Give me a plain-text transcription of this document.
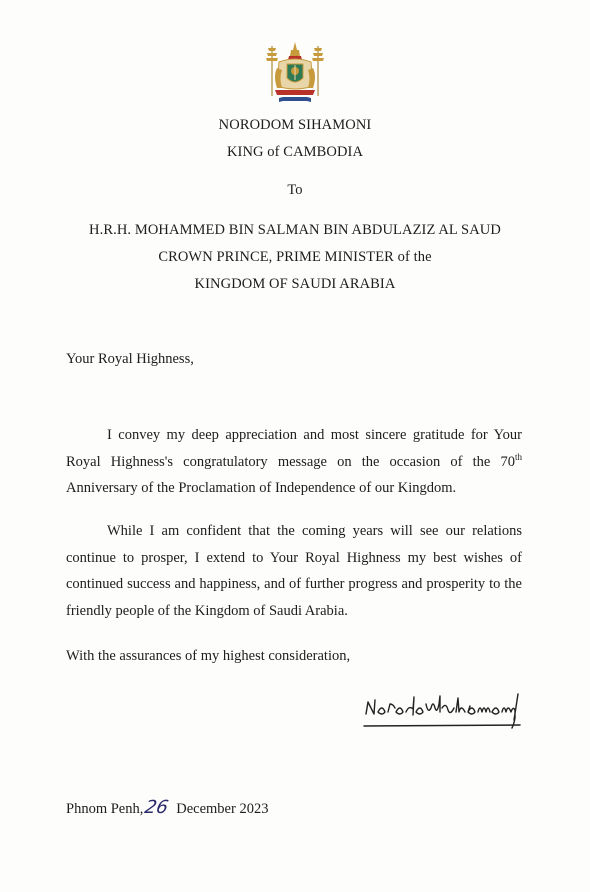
NORODOM SIHAMONI
KING of CAMBODIA
To
H.R.H. MOHAMMED BIN SALMAN BIN ABDULAZIZ AL SAUD
CROWN PRINCE, PRIME MINISTER of the
KINGDOM OF SAUDI ARABIA
Your Royal Highness,

I convey my deep appreciation and most sincere gratitude for Your Royal Highness's congratulatory message on the occasion of the 70th Anniversary of the Proclamation of Independence of our Kingdom.

While I am confident that the coming years will see our relations continue to prosper, I extend to Your Royal Highness my best wishes of continued success and happiness, and of further progress and prosperity to the friendly people of the Kingdom of Saudi Arabia.

With the assurances of my highest consideration,
Phnom Penh,26 December 2023
